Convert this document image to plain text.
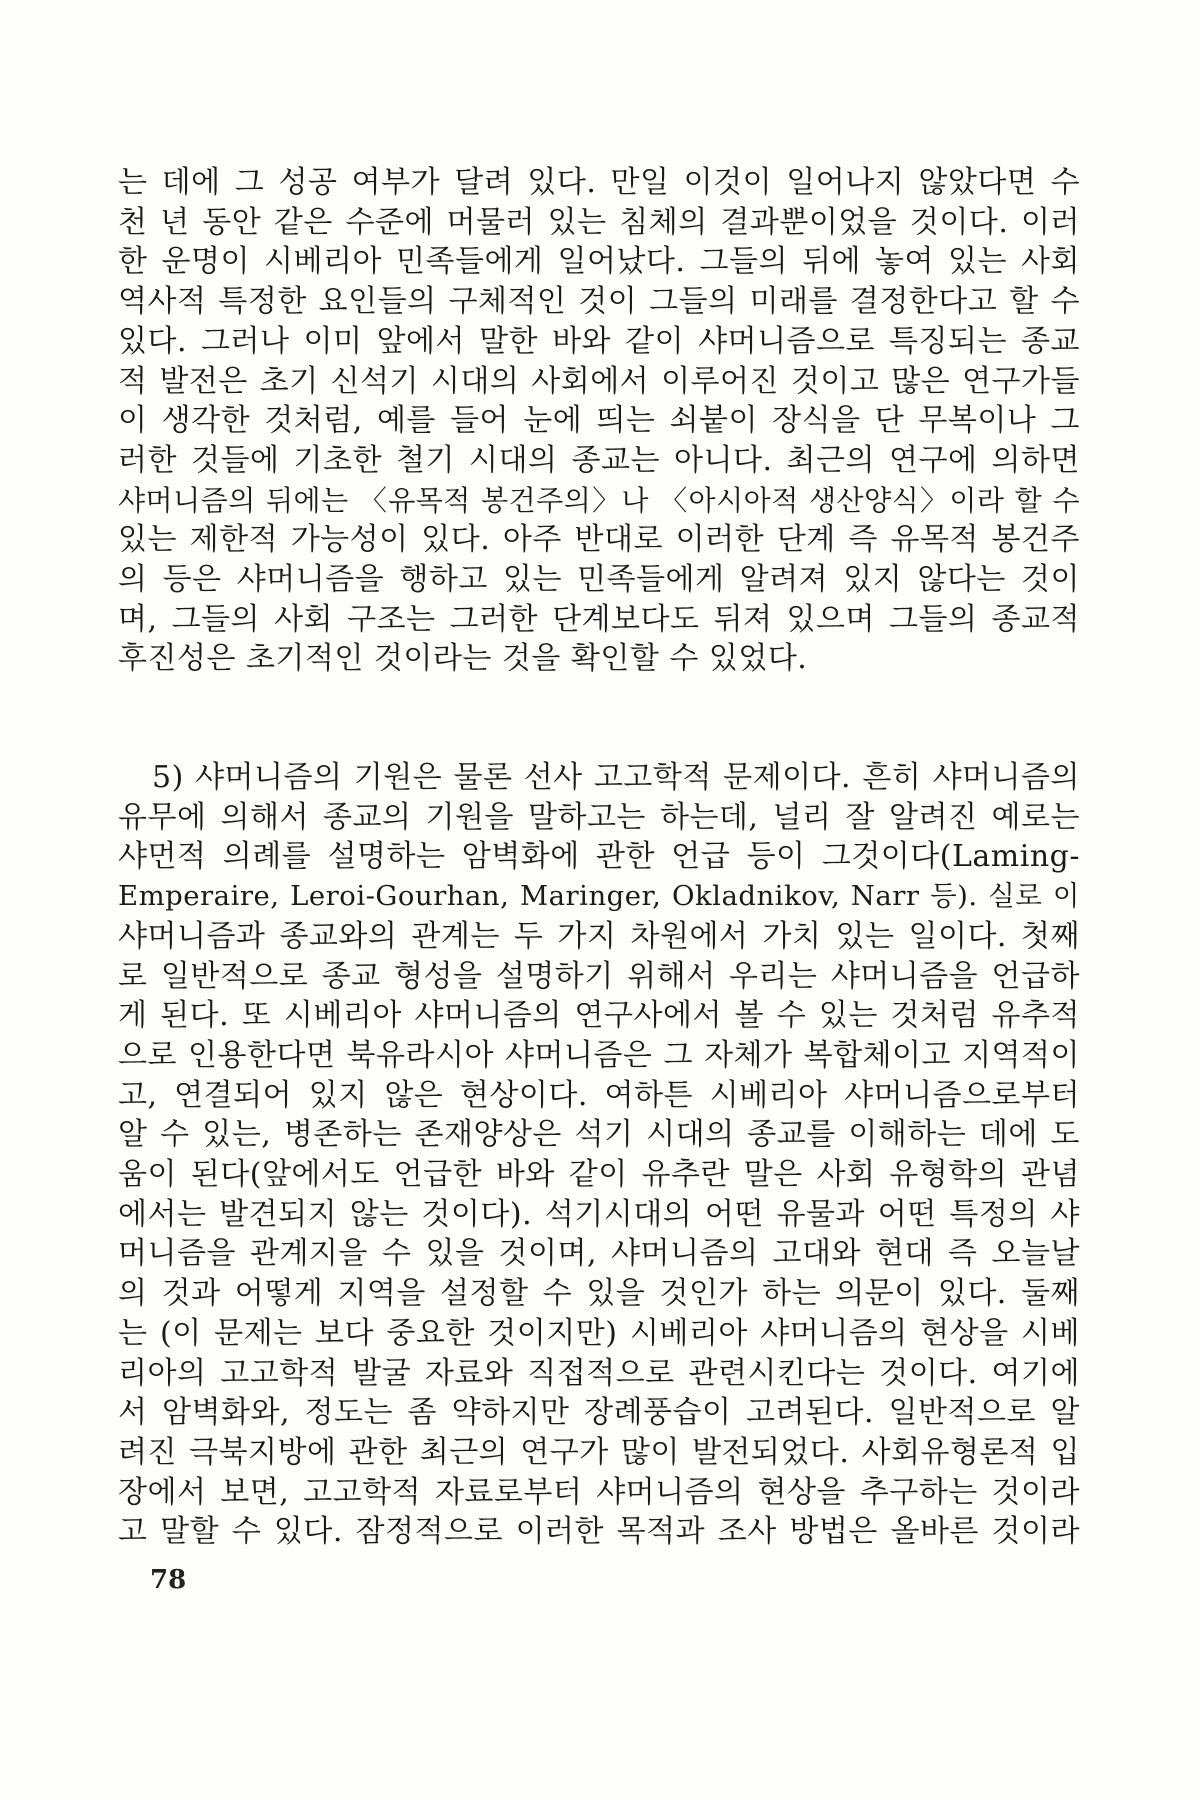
는 데에 그 성공 여부가 달려 있다. 만일 이것이 일어나지 않았다면 수
천 년 동안 같은 수준에 머물러 있는 침체의 결과뿐이었을 것이다. 이러
한 운명이 시베리아 민족들에게 일어났다. 그들의 뒤에 놓여 있는 사회
역사적 특정한 요인들의 구체적인 것이 그들의 미래를 결정한다고 할 수
있다. 그러나 이미 앞에서 말한 바와 같이 샤머니즘으로 특징되는 종교
적 발전은 초기 신석기 시대의 사회에서 이루어진 것이고 많은 연구가들
이 생각한 것처럼, 예를 들어 눈에 띄는 쇠붙이 장식을 단 무복이나 그
러한 것들에 기초한 철기 시대의 종교는 아니다. 최근의 연구에 의하면
샤머니즘의 뒤에는 〈유목적 봉건주의〉나 〈아시아적 생산양식〉이라 할 수
있는 제한적 가능성이 있다. 아주 반대로 이러한 단계 즉 유목적 봉건주
의 등은 샤머니즘을 행하고 있는 민족들에게 알려져 있지 않다는 것이
며, 그들의 사회 구조는 그러한 단계보다도 뒤져 있으며 그들의 종교적
후진성은 초기적인 것이라는 것을 확인할 수 있었다.
5) 샤머니즘의 기원은 물론 선사 고고학적 문제이다. 흔히 샤머니즘의
유무에 의해서 종교의 기원을 말하고는 하는데, 널리 잘 알려진 예로는
샤먼적 의례를 설명하는 암벽화에 관한 언급 등이 그것이다(Laming-
Emperaire, Leroi-Gourhan, Maringer, Okladnikov, Narr 등). 실로 이
샤머니즘과 종교와의 관계는 두 가지 차원에서 가치 있는 일이다. 첫째
로 일반적으로 종교 형성을 설명하기 위해서 우리는 샤머니즘을 언급하
게 된다. 또 시베리아 샤머니즘의 연구사에서 볼 수 있는 것처럼 유추적
으로 인용한다면 북유라시아 샤머니즘은 그 자체가 복합체이고 지역적이
고, 연결되어 있지 않은 현상이다. 여하튼 시베리아 샤머니즘으로부터
알 수 있는, 병존하는 존재양상은 석기 시대의 종교를 이해하는 데에 도
움이 된다(앞에서도 언급한 바와 같이 유추란 말은 사회 유형학의 관념
에서는 발견되지 않는 것이다). 석기시대의 어떤 유물과 어떤 특정의 샤
머니즘을 관계지을 수 있을 것이며, 샤머니즘의 고대와 현대 즉 오늘날
의 것과 어떻게 지역을 설정할 수 있을 것인가 하는 의문이 있다. 둘째
는 (이 문제는 보다 중요한 것이지만) 시베리아 샤머니즘의 현상을 시베
리아의 고고학적 발굴 자료와 직접적으로 관련시킨다는 것이다. 여기에
서 암벽화와, 정도는 좀 약하지만 장례풍습이 고려된다. 일반적으로 알
려진 극북지방에 관한 최근의 연구가 많이 발전되었다. 사회유형론적 입
장에서 보면, 고고학적 자료로부터 샤머니즘의 현상을 추구하는 것이라
고 말할 수 있다. 잠정적으로 이러한 목적과 조사 방법은 올바른 것이라
78
